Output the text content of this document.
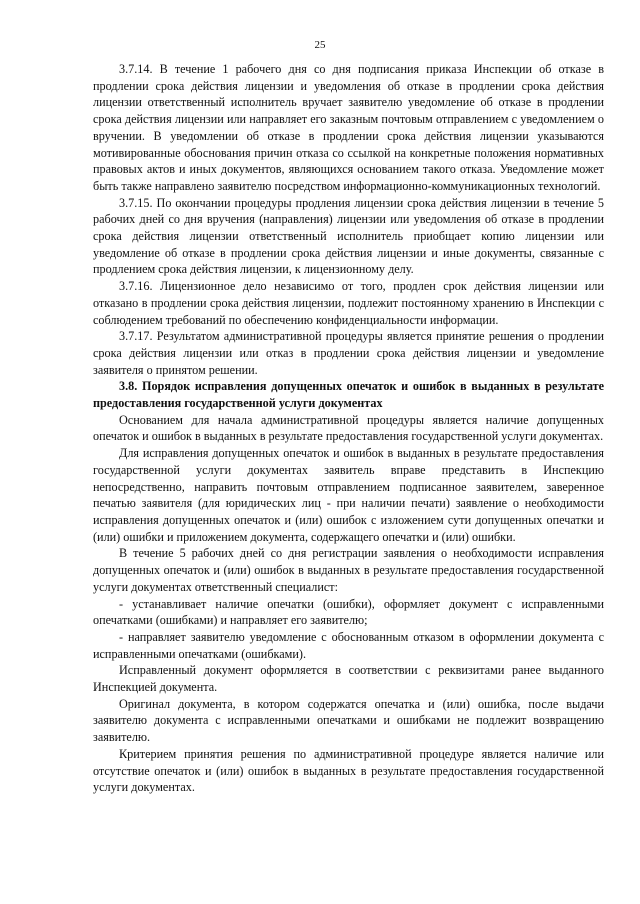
25

3.7.14. В течение 1 рабочего дня со дня подписания приказа Инспекции об отказе в продлении срока действия лицензии и уведомления об отказе в продлении срока действия лицензии ответственный исполнитель вручает заявителю уведомление об отказе в продлении срока действия лицензии или направляет его заказным почтовым отправлением с уведомлением о вручении. В уведомлении об отказе в продлении срока действия лицензии указываются мотивированные обоснования причин отказа со ссылкой на конкретные положения нормативных правовых актов и иных документов, являющихся основанием такого отказа. Уведомление может быть также направлено заявителю посредством информационно-коммуникационных технологий.

3.7.15. По окончании процедуры продления лицензии срока действия лицензии в течение 5 рабочих дней со дня вручения (направления) лицензии или уведомления об отказе в продлении срока действия лицензии ответственный исполнитель приобщает копию лицензии или уведомление об отказе в продлении срока действия лицензии и иные документы, связанные с продлением срока действия лицензии, к лицензионному делу.

3.7.16. Лицензионное дело независимо от того, продлен срок действия лицензии или отказано в продлении срока действия лицензии, подлежит постоянному хранению в Инспекции с соблюдением требований по обеспечению конфиденциальности информации.

3.7.17. Результатом административной процедуры является принятие решения о продлении срока действия лицензии или отказ в продлении срока действия лицензии и уведомление заявителя о принятом решении.

3.8. Порядок исправления допущенных опечаток и ошибок в выданных в результате предоставления государственной услуги документах

Основанием для начала административной процедуры является наличие допущенных опечаток и ошибок в выданных в результате предоставления государственной услуги документах.

Для исправления допущенных опечаток и ошибок в выданных в результате предоставления государственной услуги документах заявитель вправе представить в Инспекцию непосредственно, направить почтовым отправлением подписанное заявителем, заверенное печатью заявителя (для юридических лиц - при наличии печати) заявление о необходимости исправления допущенных опечаток и (или) ошибок с изложением сути допущенных опечатки и (или) ошибки и приложением документа, содержащего опечатки и (или) ошибки.

В течение 5 рабочих дней со дня регистрации заявления о необходимости исправления допущенных опечаток и (или) ошибок в выданных в результате предоставления государственной услуги документах ответственный специалист:

- устанавливает наличие опечатки (ошибки), оформляет документ с исправленными опечатками (ошибками) и направляет его заявителю;

- направляет заявителю уведомление с обоснованным отказом в оформлении документа с исправленными опечатками (ошибками).

Исправленный документ оформляется в соответствии с реквизитами ранее выданного Инспекцией документа.

Оригинал документа, в котором содержатся опечатка и (или) ошибка, после выдачи заявителю документа с исправленными опечатками и ошибками не подлежит возвращению заявителю.

Критерием принятия решения по административной процедуре является наличие или отсутствие опечаток и (или) ошибок в выданных в результате предоставления государственной услуги документах.
